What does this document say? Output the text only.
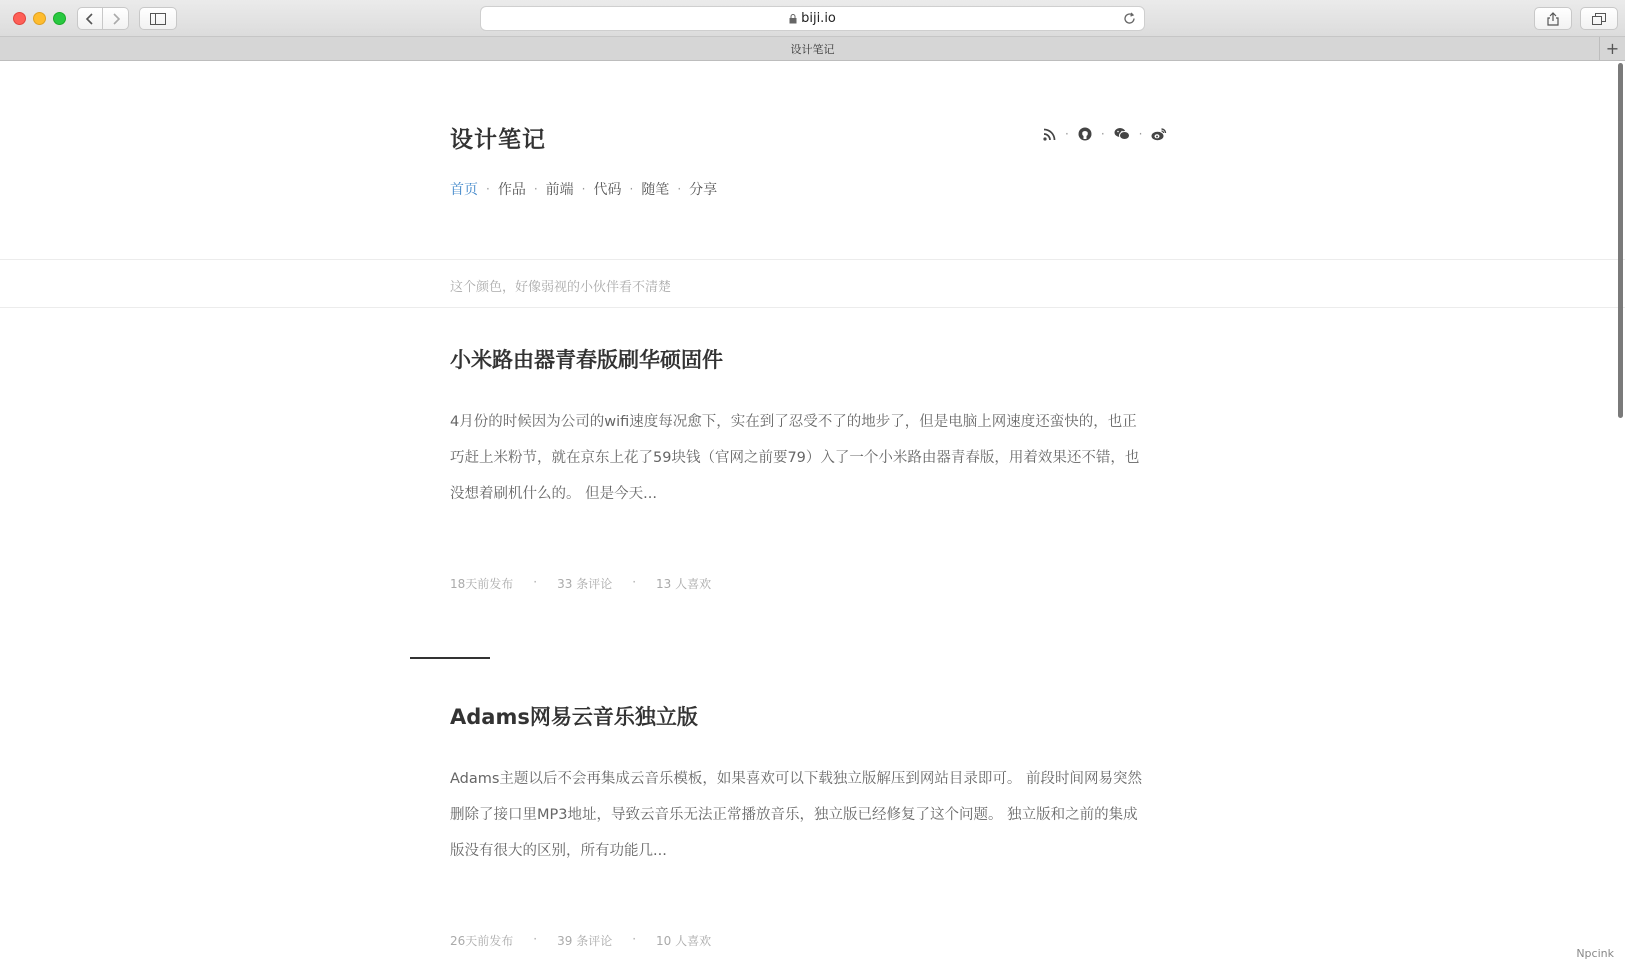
biji.io
设计笔记	+
设计笔记	·	·	·
首页 · 作品 · 前端 · 代码 · 随笔 · 分享
这个颜色，好像弱视的小伙伴看不清楚
小米路由器青春版刷华硕固件
4月份的时候因为公司的wifi速度每况愈下，实在到了忍受不了的地步了，但是电脑上网速度还蛮快的，也正巧赶上米粉节，就在京东上花了59块钱（官网之前要79）入了一个小米路由器青春版，用着效果还不错，也没想着刷机什么的。 但是今天...
18天前发布 · 33 条评论 · 13 人喜欢
Adams网易云音乐独立版
Adams主题以后不会再集成云音乐模板，如果喜欢可以下载独立版解压到网站目录即可。 前段时间网易突然删除了接口里MP3地址，导致云音乐无法正常播放音乐，独立版已经修复了这个问题。 独立版和之前的集成版没有很大的区别，所有功能几...
26天前发布 · 39 条评论 · 10 人喜欢
Npcink
